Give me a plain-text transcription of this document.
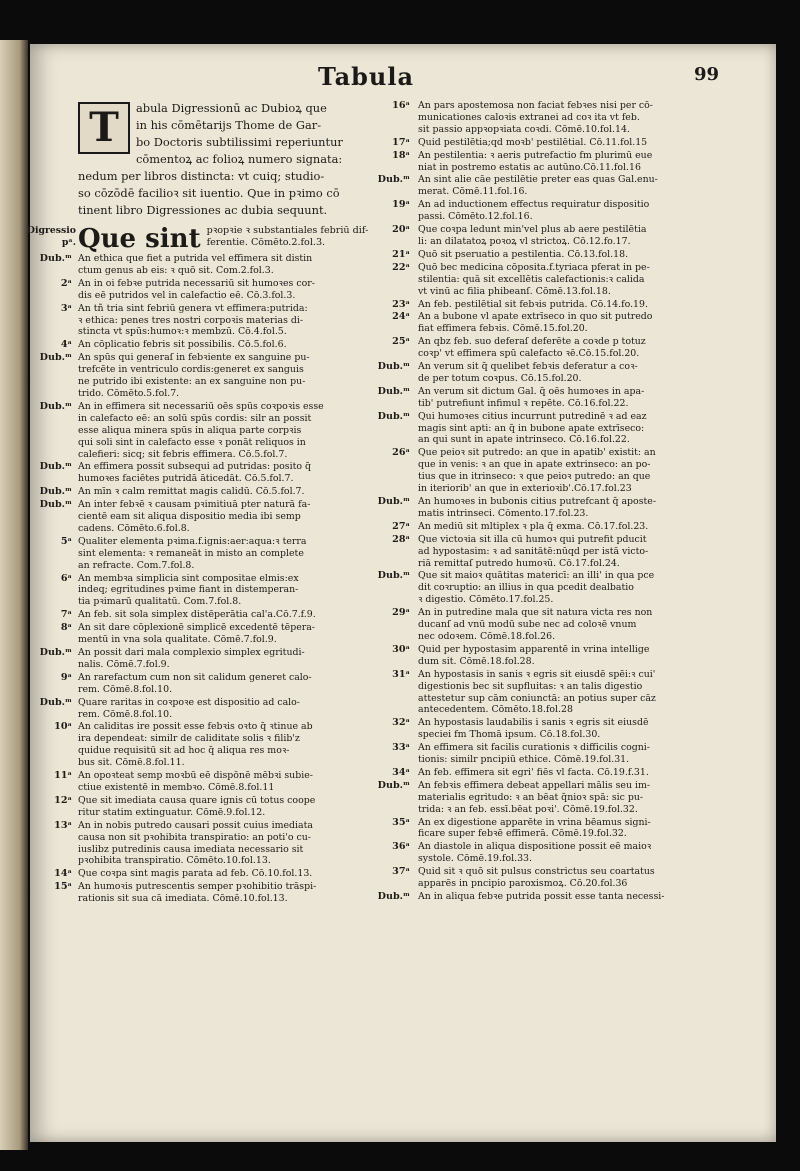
Tabula	99
T	abula Digressionū ac Dubioꝝ que
in his cōmētarijs Thome de Gar-
bo Doctoris subtilissimi reperiuntur
cōmentoꝝ ac folioꝝ numero signata:
nedum per libros distincta: vt cuiq; studio-
so cōzōdē facilioꝛ sit iuentio. Que in pꝛimo cō
tinent libro Digressiones ac dubia sequunt.
Digressio pᵃ. Que sint pꝛopꝛie ꝛ substantiales febriū dif-
ferentie. Cōmēto.2.fol.3.
Dub.ᵐ An ethica que fiet a putrida vel effimera sit distin
ctum genus ab eis: ꝛ quō sit. Com.2.fol.3.
2ᵃ An in oi febꝛe putrida necessariū sit humoꝛes cor-
dis eē putridos vel in calefactio eē. Cō.3.fol.3.
3ᵃ An tñ tria sint febriū genera vt effimera:putrida:
ꝛ ethica: penes tres nostri corpoꝛis materias di-
stincta vt spūs:humoꝛ:ꝛ membzū. Cō.4.fol.5.
4ᵃ An cōplicatio febris sit possibilis. Cō.5.fol.6.
Dub.ᵐ An spūs qui generaſ in febꝛiente ex sanguine pu-
trefcēte in ventriculo cordis:generet ex sanguis
ne putrido ibi existente: an ex sanguine non pu-
trido. Cōmēto.5.fol.7.
Dub.ᵐ An in effimera sit necessariū oēs spūs coꝛpoꝛis esse
in calefacto eē: an solū spūs cordis: silr an possit
esse aliqua minera spūs in aliqua parte corpꝛis
qui soli sint in calefacto esse ꝛ ponāt reliquos in
calefieri: sicq; sit febris effimera. Cō.5.fol.7.
Dub.ᵐ An effimera possit subsequi ad putridas: posito q̄
humoꝛes faciētes putridā āticedāt. Cō.5.fol.7.
Dub.ᵐ An mīn ꝛ calm remittat magis calidū. Cō.5.fol.7.
Dub.ᵐ An inter febꝛē ꝛ causam pꝛimitiuā pter naturā fa-
cientē eam sit aliqua dispositio media ibi semp
cadens. Cōmēto.6.fol.8.
5ᵃ Qualiter elementa pꝛima.f.ignis:aer:aqua:ꝛ terra
sint elementa: ꝛ remaneāt in misto an complete
an refracte. Com.7.fol.8.
6ᵃ An membꝛa simplicia sint compositae elmis:ex
indeq; egritudines pꝛime fiant in distemperan-
tia pꝛimarū qualitatū. Com.7.fol.8.
7ᵃ An feb. sit sola simplex distēperātia cal'a.Cō.7.f.9.
8ᵃ An sit dare cōplexionē simplicē excedentē tēpera-
mentū in vna sola qualitate. Cōmē.7.fol.9.
Dub.ᵐ An possit dari mala complexio simplex egritudi-
nalis. Cōmē.7.fol.9.
9ᵃ An rarefactum cum non sit calidum generet calo-
rem. Cōmē.8.fol.10.
Dub.ᵐ Quare raritas in coꝛpoꝛe est dispositio ad calo-
rem. Cōmē.8.fol.10.
10ᵃ An caliditas ire possit esse febꝛis oꝛto q̄ ꝛtinue ab
ira dependeat: similr de caliditate solis ꝛ filib'z
quidue requisitū sit ad hoc q̄ aliqua res moꝛ-
bus sit. Cōmē.8.fol.11.
11ᵃ An opoꝛteat semp moꝛbū eē dispōnē mēbꝛi subie-
ctiue existentē in membꝛo. Cōmē.8.fol.11
12ᵃ Que sit imediata causa quare ignis cū totus coope
ritur statim extinguatur. Cōmē.9.fol.12.
13ᵃ An in nobis putredo causari possit cuius imediata
causa non sit pꝛohibita transpiratio: an poti'o cu-
iuslibz putredinis causa imediata necessario sit
pꝛohibita transpiratio. Cōmēto.10.fol.13.
14ᵃ Que coꝛpa sint magis parata ad feb. Cō.10.fol.13.
15ᵃ An humoꝛis putrescentis semper pꝛohibitio trāspi-
rationis sit sua cā imediata. Cōmē.10.fol.13.
16ᵃ An pars apostemosa non faciat febꝛes nisi per cō-
municationes caloꝛis extranei ad coꝛ ita vt feb.
sit passio appꝛopꝛiata coꝛdi. Cōmē.10.fol.14.
17ᵃ Quid pestilētia;qd moꝛb' pestilētial. Cō.11.fol.15
18ᵃ An pestilentia: ꝛ aeris putrefactio fm plurimū eue
niat in postremo estatis ac autūno.Cō.11.fol.16
Dub.ᵐ An sint alie cāe pestilētie preter eas quas Gal.enu-
merat. Cōmē.11.fol.16.
19ᵃ An ad inductionem effectus requiratur dispositio
passi. Cōmēto.12.fol.16.
20ᵃ Que coꝛpa ledunt min'vel plus ab aere pestilētia
li: an dilatatoꝝ poꝛoꝝ vl strictoꝝ. Cō.12.fo.17.
21ᵃ Quō sit pseruatio a pestilentia. Cō.13.fol.18.
22ᵃ Quō bec medicina cōposita.f.tyriaca pferat in pe-
stilentia: quā sit excellētis calefactionis:ꝛ calida
vt vinū ac filia phibeanſ. Cōmē.13.fol.18.
23ᵃ An feb. pestilētial sit febꝛis putrida. Cō.14.fo.19.
24ᵃ An a bubone vl apate extrīseco in quo sit putredo
fiat effimera febꝛis. Cōmē.15.fol.20.
25ᵃ An qbz feb. suo deferaſ deferēte a coꝛde p totuz
coꝛp' vt effimera spū calefacto ꝛē.Cō.15.fol.20.
Dub.ᵐ An verum sit q̄ quelibet febꝛis deferatur a coꝛ-
de per totum coꝛpus. Cō.15.fol.20.
Dub.ᵐ An verum sit dictum Gal. q̄ oēs humoꝛes in apa-
tib' putrefiunt infimul ꝛ repēte. Cō.16.fol.22.
Dub.ᵐ Qui humoꝛes citius incurrunt putredinē ꝛ ad eaz
magis sint apti: an q̄ in bubone apate extrīseco:
an qui sunt in apate intrinseco. Cō.16.fol.22.
26ᵃ Que peioꝛ sit putredo: an que in apatib' existit: an
que in venis: ꝛ an que in apate extrinseco: an po-
tius que in itrinseco: ꝛ que peioꝛ putredo: an que
in iteriorib' an que in exterioꝛib'.Cō.17.fol.23
Dub.ᵐ An humoꝛes in bubonis citius putrefcant q̄ aposte-
matis intrinseci. Cōmento.17.fol.23.
27ᵃ An mediū sit mltiplex ꝛ pla q̄ exma. Cō.17.fol.23.
28ᵃ Que victoꝛia sit illa cū humoꝛ qui putrefit pducit
ad hypostasim: ꝛ ad sanitātē:nūqd per istā victo-
riā remittaſ putredo humoꝛū. Cō.17.fol.24.
Dub.ᵐ Que sit maioꝛ quātitas matericī: an illi' in qua pce
dit coꝛruptio: an illius in qua pcedit dealbatio
ꝛ digestio. Cōmēto.17.fol.25.
29ᵃ An in putredine mala que sit natura victa res non
ducanſ ad vnū modū sube nec ad coloꝛē vnum
nec odoꝛem. Cōmē.18.fol.26.
30ᵃ Quid per hypostasim apparentē in vrina intellige
dum sit. Cōmē.18.fol.28.
31ᵃ An hypostasis in sanis ꝛ egris sit eiusdē spēi:ꝛ cui'
digestionis bec sit supfluitas: ꝛ an talis digestio
attestetur sup cām coniunctā: an potius super cāz
antecedentem. Cōmēto.18.fol.28
32ᵃ An hypostasis laudabilis i sanis ꝛ egris sit eiusdē
speciei fm Thomā ipsum. Cō.18.fol.30.
33ᵃ An effimera sit facilis curationis ꝛ difficilis cogni-
tionis: similr pncipiū ethice. Cōmē.19.fol.31.
34ᵃ An feb. effimera sit egri' fiēs vl facta. Cō.19.f.31.
Dub.ᵐ An febꝛis effimera debeat appellari mālis seu im-
materialis egritudo: ꝛ an bēat q̄nioꝛ spā: sic pu-
trida: ꝛ an feb. essī.bēat poꝛi'. Cōmē.19.fol.32.
35ᵃ An ex digestione apparēte in vrina bēamus signi-
ficare super febꝛē effimerā. Cōmē.19.fol.32.
36ᵃ An diastole in aliqua dispositione possit eē maioꝛ
systole. Cōmē.19.fol.33.
37ᵃ Quid sit ꝛ quō sit pulsus constrictus seu coartatus
apparēs in pncipio paroxismoꝝ. Cō.20.fol.36
Dub.ᵐ An in aliqua febꝛe putrida possit esse tanta necessi-
